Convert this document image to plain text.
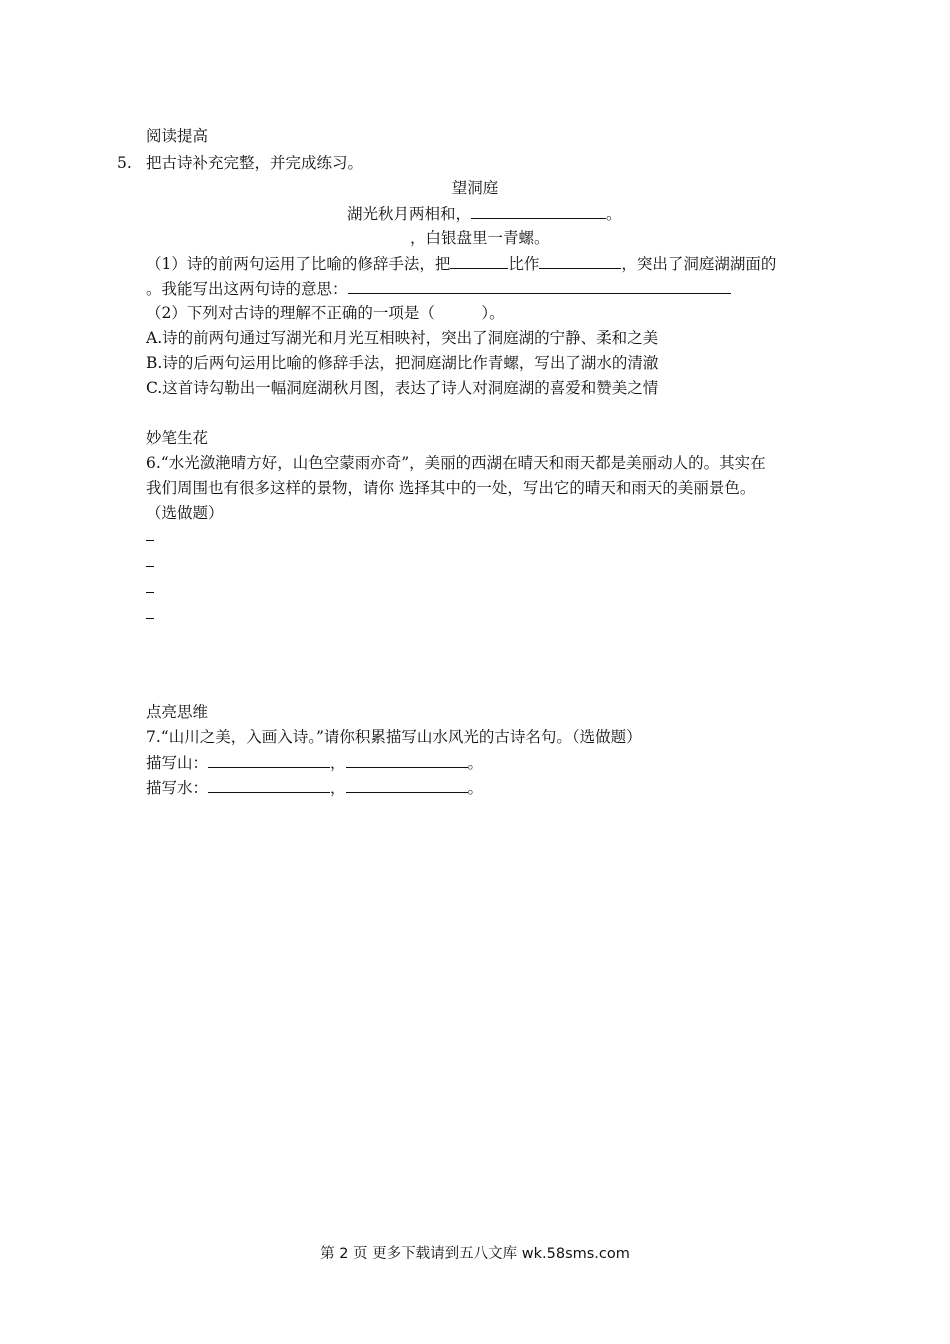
阅读提高
5. 把古诗补充完整，并完成练习。
望洞庭
湖光秋月两相和，	。
，白银盘里一青螺。
（1）诗的前两句运用了比喻的修辞手法，把	比作	，突出了洞庭湖湖面的
。我能写出这两句诗的意思：
（2）下列对古诗的理解不正确的一项是（　　　）。
A.诗的前两句通过写湖光和月光互相映衬，突出了洞庭湖的宁静、柔和之美
B.诗的后两句运用比喻的修辞手法，把洞庭湖比作青螺，写出了湖水的清澈
C.这首诗勾勒出一幅洞庭湖秋月图，表达了诗人对洞庭湖的喜爱和赞美之情
妙笔生花
6.“水光潋滟晴方好，山色空蒙雨亦奇”，美丽的西湖在晴天和雨天都是美丽动人的。其实在
我们周围也有很多这样的景物，请你 选择其中的一处，写出它的晴天和雨天的美丽景色。
（选做题）
点亮思维
7.“山川之美，入画入诗。”请你积累描写山水风光的古诗名句。（选做题）
描写山：	，	。
描写水：	，	。
第 2 页 更多下载请到五八文库 wk.58sms.com
